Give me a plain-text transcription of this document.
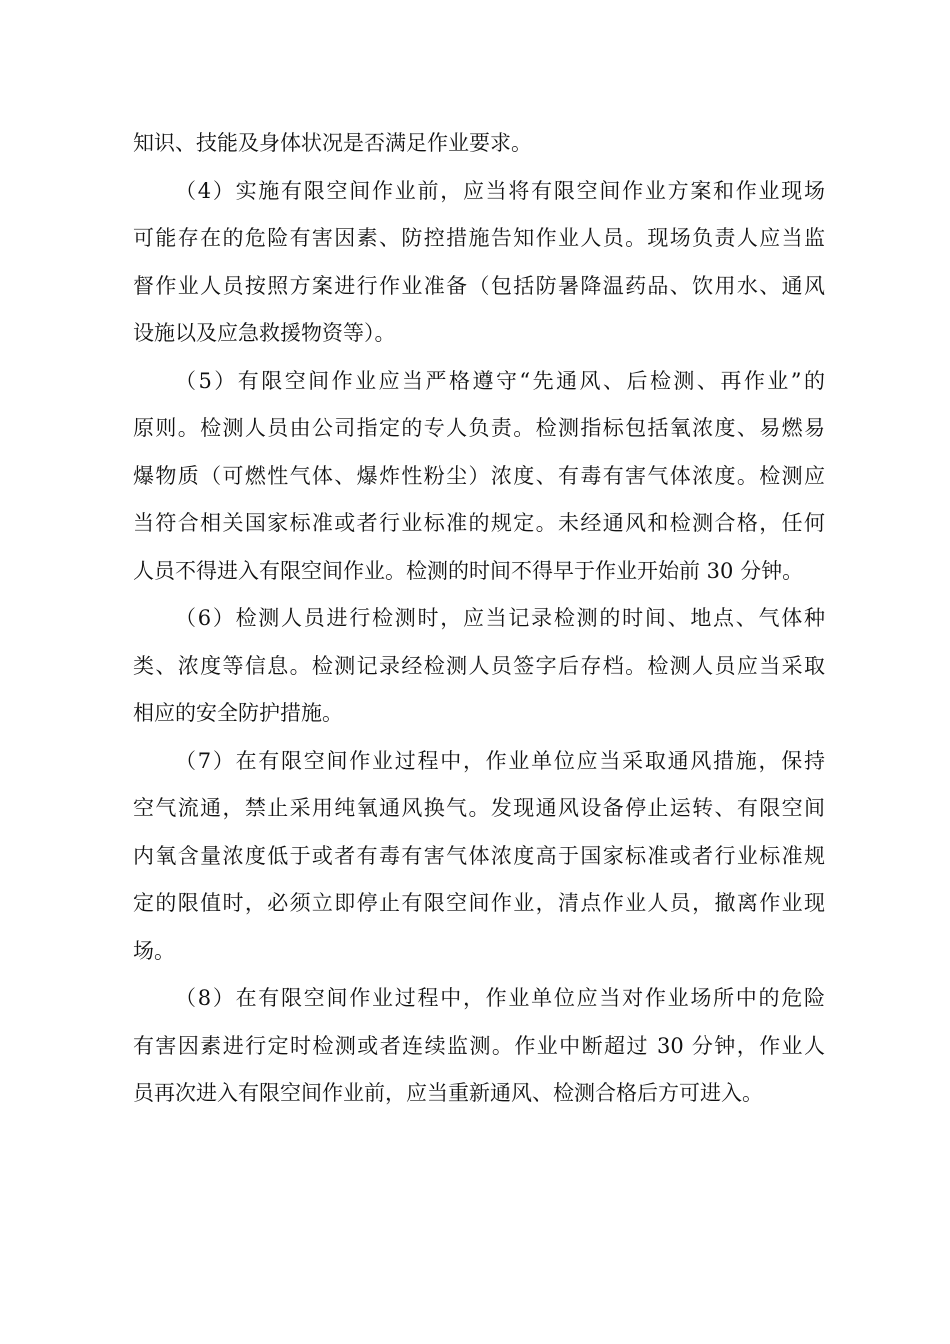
知识、技能及身体状况是否满足作业要求。
（4）实施有限空间作业前，应当将有限空间作业方案和作业现场
可能存在的危险有害因素、防控措施告知作业人员。现场负责人应当监
督作业人员按照方案进行作业准备（包括防暑降温药品、饮用水、通风
设施以及应急救援物资等）。
（5）有限空间作业应当严格遵守“先通风、后检测、再作业”的
原则。检测人员由公司指定的专人负责。检测指标包括氧浓度、易燃易
爆物质（可燃性气体、爆炸性粉尘）浓度、有毒有害气体浓度。检测应
当符合相关国家标准或者行业标准的规定。未经通风和检测合格，任何
人员不得进入有限空间作业。检测的时间不得早于作业开始前 30 分钟。
（6）检测人员进行检测时，应当记录检测的时间、地点、气体种
类、浓度等信息。检测记录经检测人员签字后存档。检测人员应当采取
相应的安全防护措施。
（7）在有限空间作业过程中，作业单位应当采取通风措施，保持
空气流通，禁止采用纯氧通风换气。发现通风设备停止运转、有限空间
内氧含量浓度低于或者有毒有害气体浓度高于国家标准或者行业标准规
定的限值时，必须立即停止有限空间作业，清点作业人员，撤离作业现
场。
（8）在有限空间作业过程中，作业单位应当对作业场所中的危险
有害因素进行定时检测或者连续监测。作业中断超过 30 分钟，作业人
员再次进入有限空间作业前，应当重新通风、检测合格后方可进入。
